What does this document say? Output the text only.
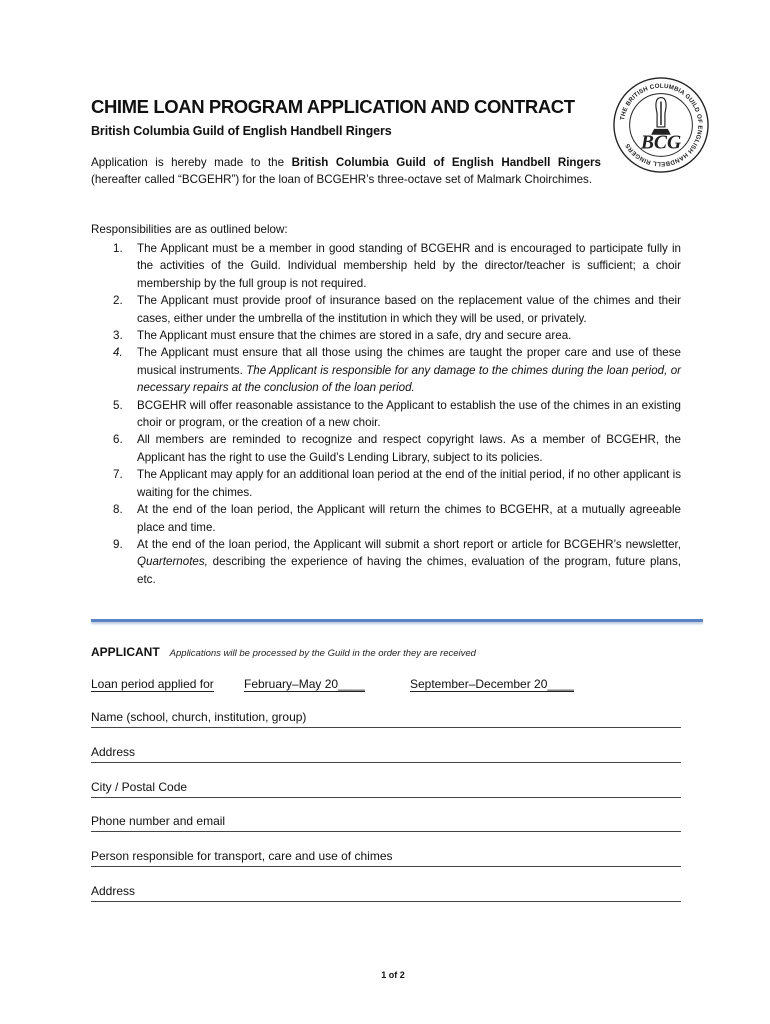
CHIME LOAN PROGRAM APPLICATION AND CONTRACT
British Columbia Guild of English Handbell Ringers
THE BRITISH COLUMBIA GUILD OF ENGLISH HANDBELL RINGERS BCG
Application is hereby made to the British Columbia Guild of English Handbell Ringers (hereafter called “BCGEHR”) for the loan of BCGEHR’s three-octave set of Malmark Choirchimes.
Responsibilities are as outlined below:
1.	The Applicant must be a member in good standing of BCGEHR and is encouraged to participate fully in the activities of the Guild. Individual membership held by the director/teacher is sufficient; a choir membership by the full group is not required.
2.	The Applicant must provide proof of insurance based on the replacement value of the chimes and their cases, either under the umbrella of the institution in which they will be used, or privately.
3.	The Applicant must ensure that the chimes are stored in a safe, dry and secure area.
4.	The Applicant must ensure that all those using the chimes are taught the proper care and use of these musical instruments. The Applicant is responsible for any damage to the chimes during the loan period, or necessary repairs at the conclusion of the loan period.
5.	BCGEHR will offer reasonable assistance to the Applicant to establish the use of the chimes in an existing choir or program, or the creation of a new choir.
6.	All members are reminded to recognize and respect copyright laws. As a member of BCGEHR, the Applicant has the right to use the Guild’s Lending Library, subject to its policies.
7.	The Applicant may apply for an additional loan period at the end of the initial period, if no other applicant is waiting for the chimes.
8.	At the end of the loan period, the Applicant will return the chimes to BCGEHR, at a mutually agreeable place and time.
9.	At the end of the loan period, the Applicant will submit a short report or article for BCGEHR’s newsletter, Quarternotes, describing the experience of having the chimes, evaluation of the program, future plans, etc.
APPLICANT Applications will be processed by the Guild in the order they are received
Loan period applied for	February–May 20____	September–December 20____
Name (school, church, institution, group)
Address
City / Postal Code
Phone number and email
Person responsible for transport, care and use of chimes
Address
1 of 2
